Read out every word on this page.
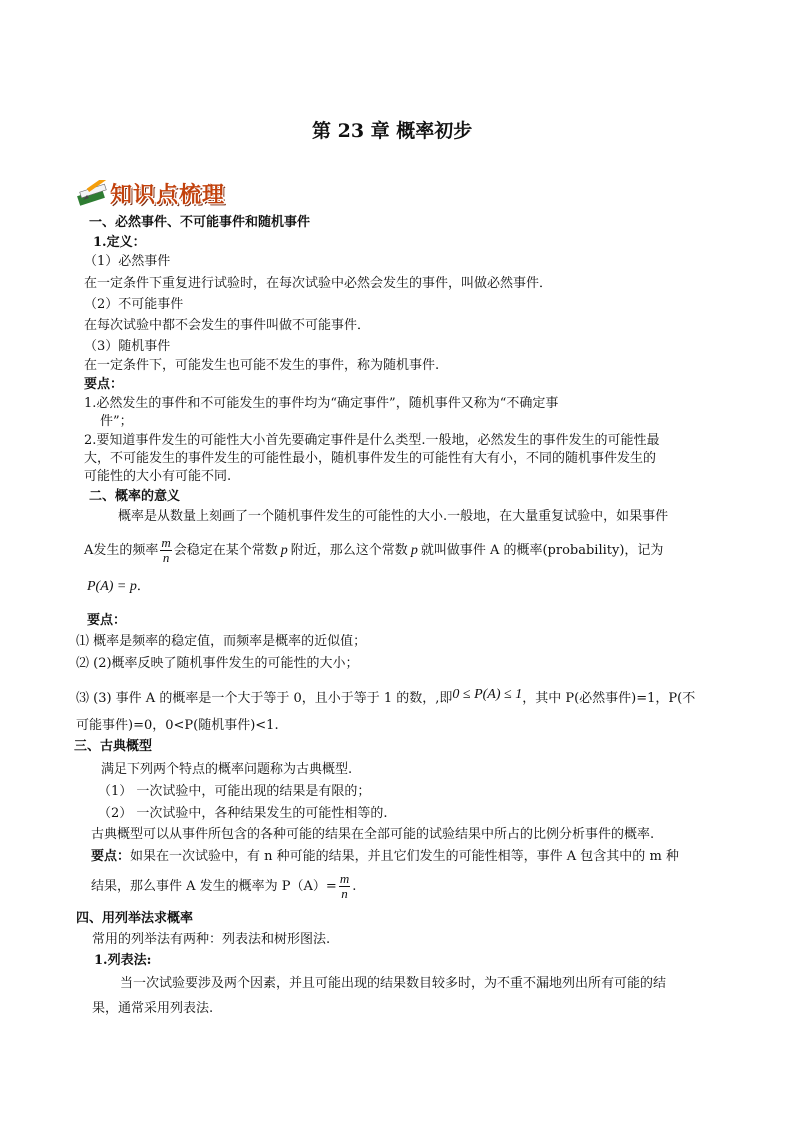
第 23 章 概率初步
知识点梳理
一、必然事件、不可能事件和随机事件
1.定义：
（1）必然事件
在一定条件下重复进行试验时，在每次试验中必然会发生的事件，叫做必然事件．
（2）不可能事件
在每次试验中都不会发生的事件叫做不可能事件．
（3）随机事件
在一定条件下，可能发生也可能不发生的事件，称为随机事件.
要点：
1.必然发生的事件和不可能发生的事件均为“确定事件”，随机事件又称为“不确定事
件”；
2.要知道事件发生的可能性大小首先要确定事件是什么类型.一般地，必然发生的事件发生的可能性最
大，不可能发生的事件发生的可能性最小，随机事件发生的可能性有大有小，不同的随机事件发生的
可能性的大小有可能不同.
二、概率的意义
概率是从数量上刻画了一个随机事件发生的可能性的大小.一般地，在大量重复试验中，如果事件
A发生的频率 $\frac{m}{n}$ 会稳定在某个常数 p 附近，那么这个常数 p 就叫做事件 A 的概率(probability)，记为
P(A) = p．
要点：
⑴ 概率是频率的稳定值，而频率是概率的近似值；
⑵ (2)概率反映了随机事件发生的可能性的大小；
⑶ (3) 事件 A 的概率是一个大于等于 0，且小于等于 1 的数，,即0 ≤ P(A) ≤ 1，其中 P(必然事件)=1，P(不
可能事件)=0，0<P(随机事件)<1.
三、古典概型
满足下列两个特点的概率问题称为古典概型.
（1） 一次试验中，可能出现的结果是有限的；
（2） 一次试验中，各种结果发生的可能性相等的.
古典概型可以从事件所包含的各种可能的结果在全部可能的试验结果中所占的比例分析事件的概率.
要点：如果在一次试验中，有 n 种可能的结果，并且它们发生的可能性相等，事件 A 包含其中的 m 种
结果，那么事件 A 发生的概率为 $P(A)= \frac{m}{n}$ .
四、用列举法求概率
常用的列举法有两种：列表法和树形图法.
1.列表法:
当一次试验要涉及两个因素，并且可能出现的结果数目较多时，为不重不漏地列出所有可能的结
果，通常采用列表法.
